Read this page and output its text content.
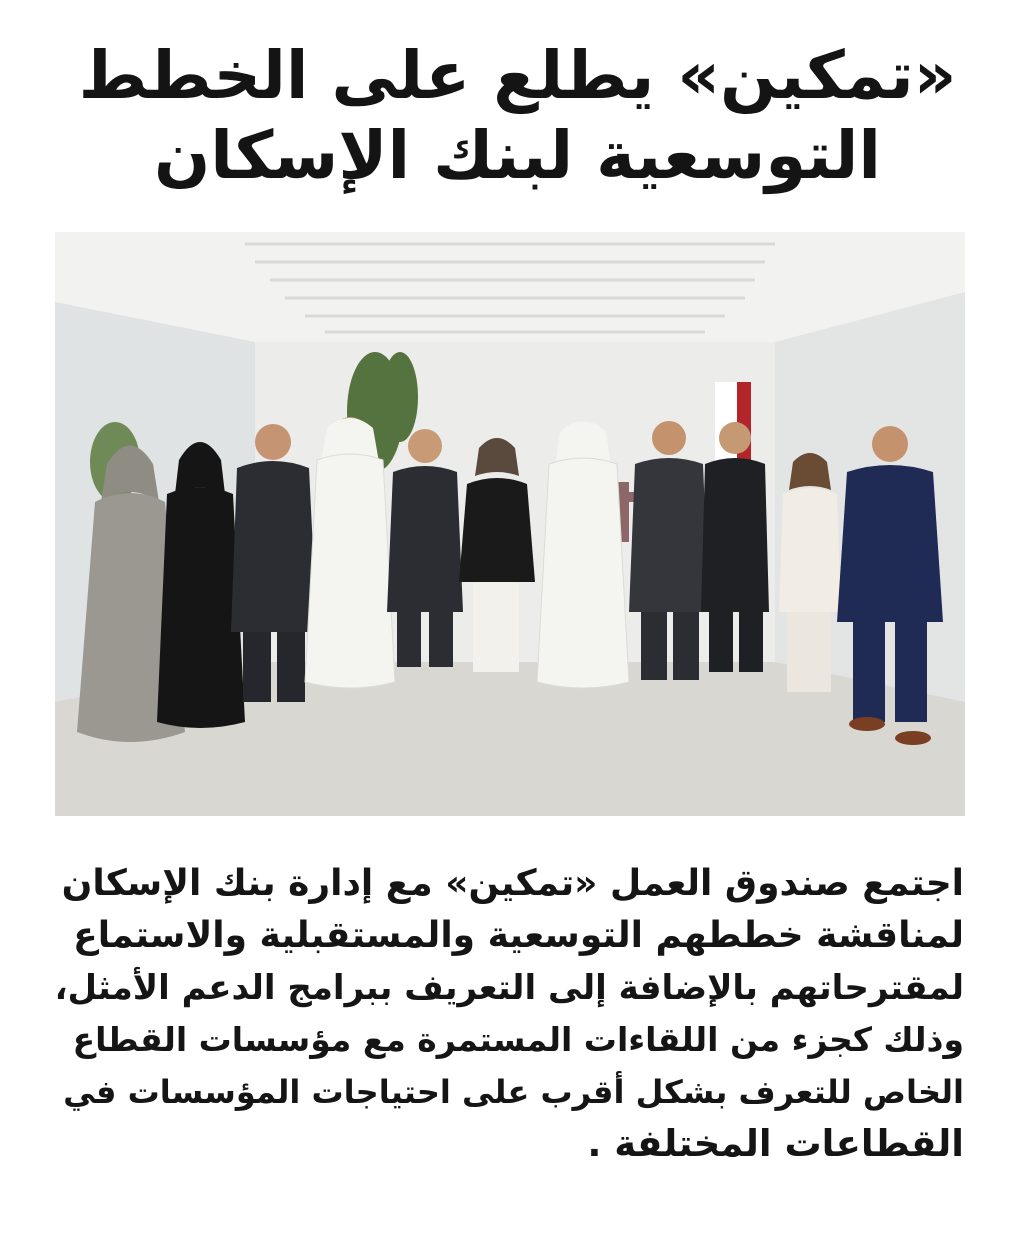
«تمكين» يطلع على الخطط
التوسعية لبنك الإسكان
اجتمع صندوق العمل «تمكين» مع إدارة بنك الإسكان
لمناقشة خططهم التوسعية والمستقبلية والاستماع
لمقترحاتهم بالإضافة إلى التعريف ببرامج الدعم الأمثل،
وذلك كجزء من اللقاءات المستمرة مع مؤسسات القطاع
الخاص للتعرف بشكل أقرب على احتياجات المؤسسات في
القطاعات المختلفة .
